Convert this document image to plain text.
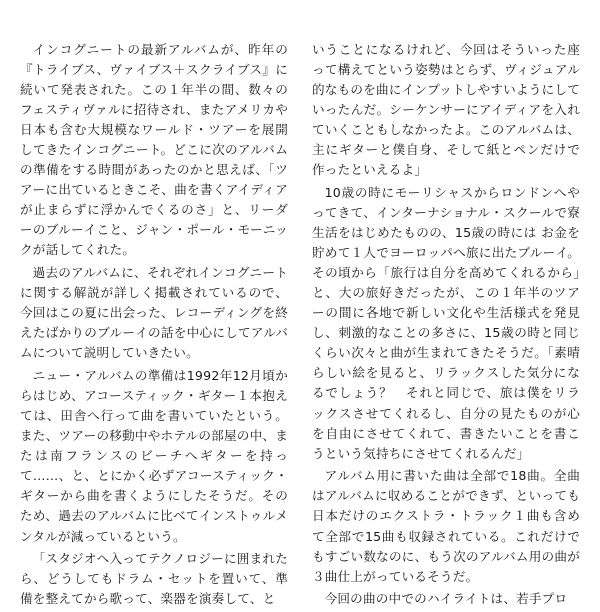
インコグニートの最新アルバムが、昨年の『トライブス、ヴァイブス＋スクライブス』に続いて発表された。この１年半の間、数々のフェスティヴァルに招待され、またアメリカや日本も含む大規模なワールド・ツアーを展開してきたインコグニート。どこに次のアルバムの準備をする時間があったのかと思えば、「ツアーに出ているときこそ、曲を書くアイディアが止まらずに浮かんでくるのさ」と、リーダーのブルーイこと、ジャン・ポール・モーニックが話してくれた。

過去のアルバムに、それぞれインコグニートに関する解説が詳しく掲載されているので、今回はこの夏に出会った、レコーディングを終えたばかりのブルーイの話を中心にしてアルバムについて説明していきたい。

ニュー・アルバムの準備は1992年12月頃からはじめ、アコースティック・ギター１本抱えては、田舎へ行って曲を書いていたという。また、ツアーの移動中やホテルの部屋の中、または南フランスのビーチへギターを持って……、と、とにかく必ずアコースティック・ギターから曲を書くようにしたそうだ。そのため、過去のアルバムに比べてインストゥルメンタルが減っているという。

「スタジオへ入ってテクノロジーに囲まれたら、どうしてもドラム・セットを置いて、準備を整えてから歌って、楽器を演奏して、と

いうことになるけれど、今回はそういった座って構えてという姿勢はとらず、ヴィジュアル的なものを曲にインプットしやすいようにしていったんだ。シーケンサーにアイディアを入れていくこともしなかったよ。このアルバムは、主にギターと僕自身、そして紙とペンだけで作ったといえるよ」

10歳の時にモーリシャスからロンドンへやってきて、インターナショナル・スクールで寮生活をはじめたものの、15歳の時には お金を貯めて１人でヨーロッパへ旅に出たブルーイ。その頃から「旅行は自分を高めてくれるから」と、大の旅好きだったが、この１年半のツアーの間に各地で新しい文化や生活様式を発見し、刺激的なことの多さに、15歳の時と同じくらい次々と曲が生まれてきたそうだ。「素晴らしい絵を見ると、リラックスした気分になるでしょう？　それと同じで、旅は僕をリラックスさせてくれるし、自分の見たものが心を自由にさせてくれて、書きたいことを書こうという気持ちにさせてくれるんだ」

アルバム用に書いた曲は全部で18曲。全曲はアルバムに収めることができず、といっても日本だけのエクストラ・トラック１曲も含めて全部で15曲も収録されている。これだけでもすごい数なのに、もう次のアルバム用の曲が３曲仕上がっているそうだ。

今回の曲の中でのハイライトは、若手プロ
